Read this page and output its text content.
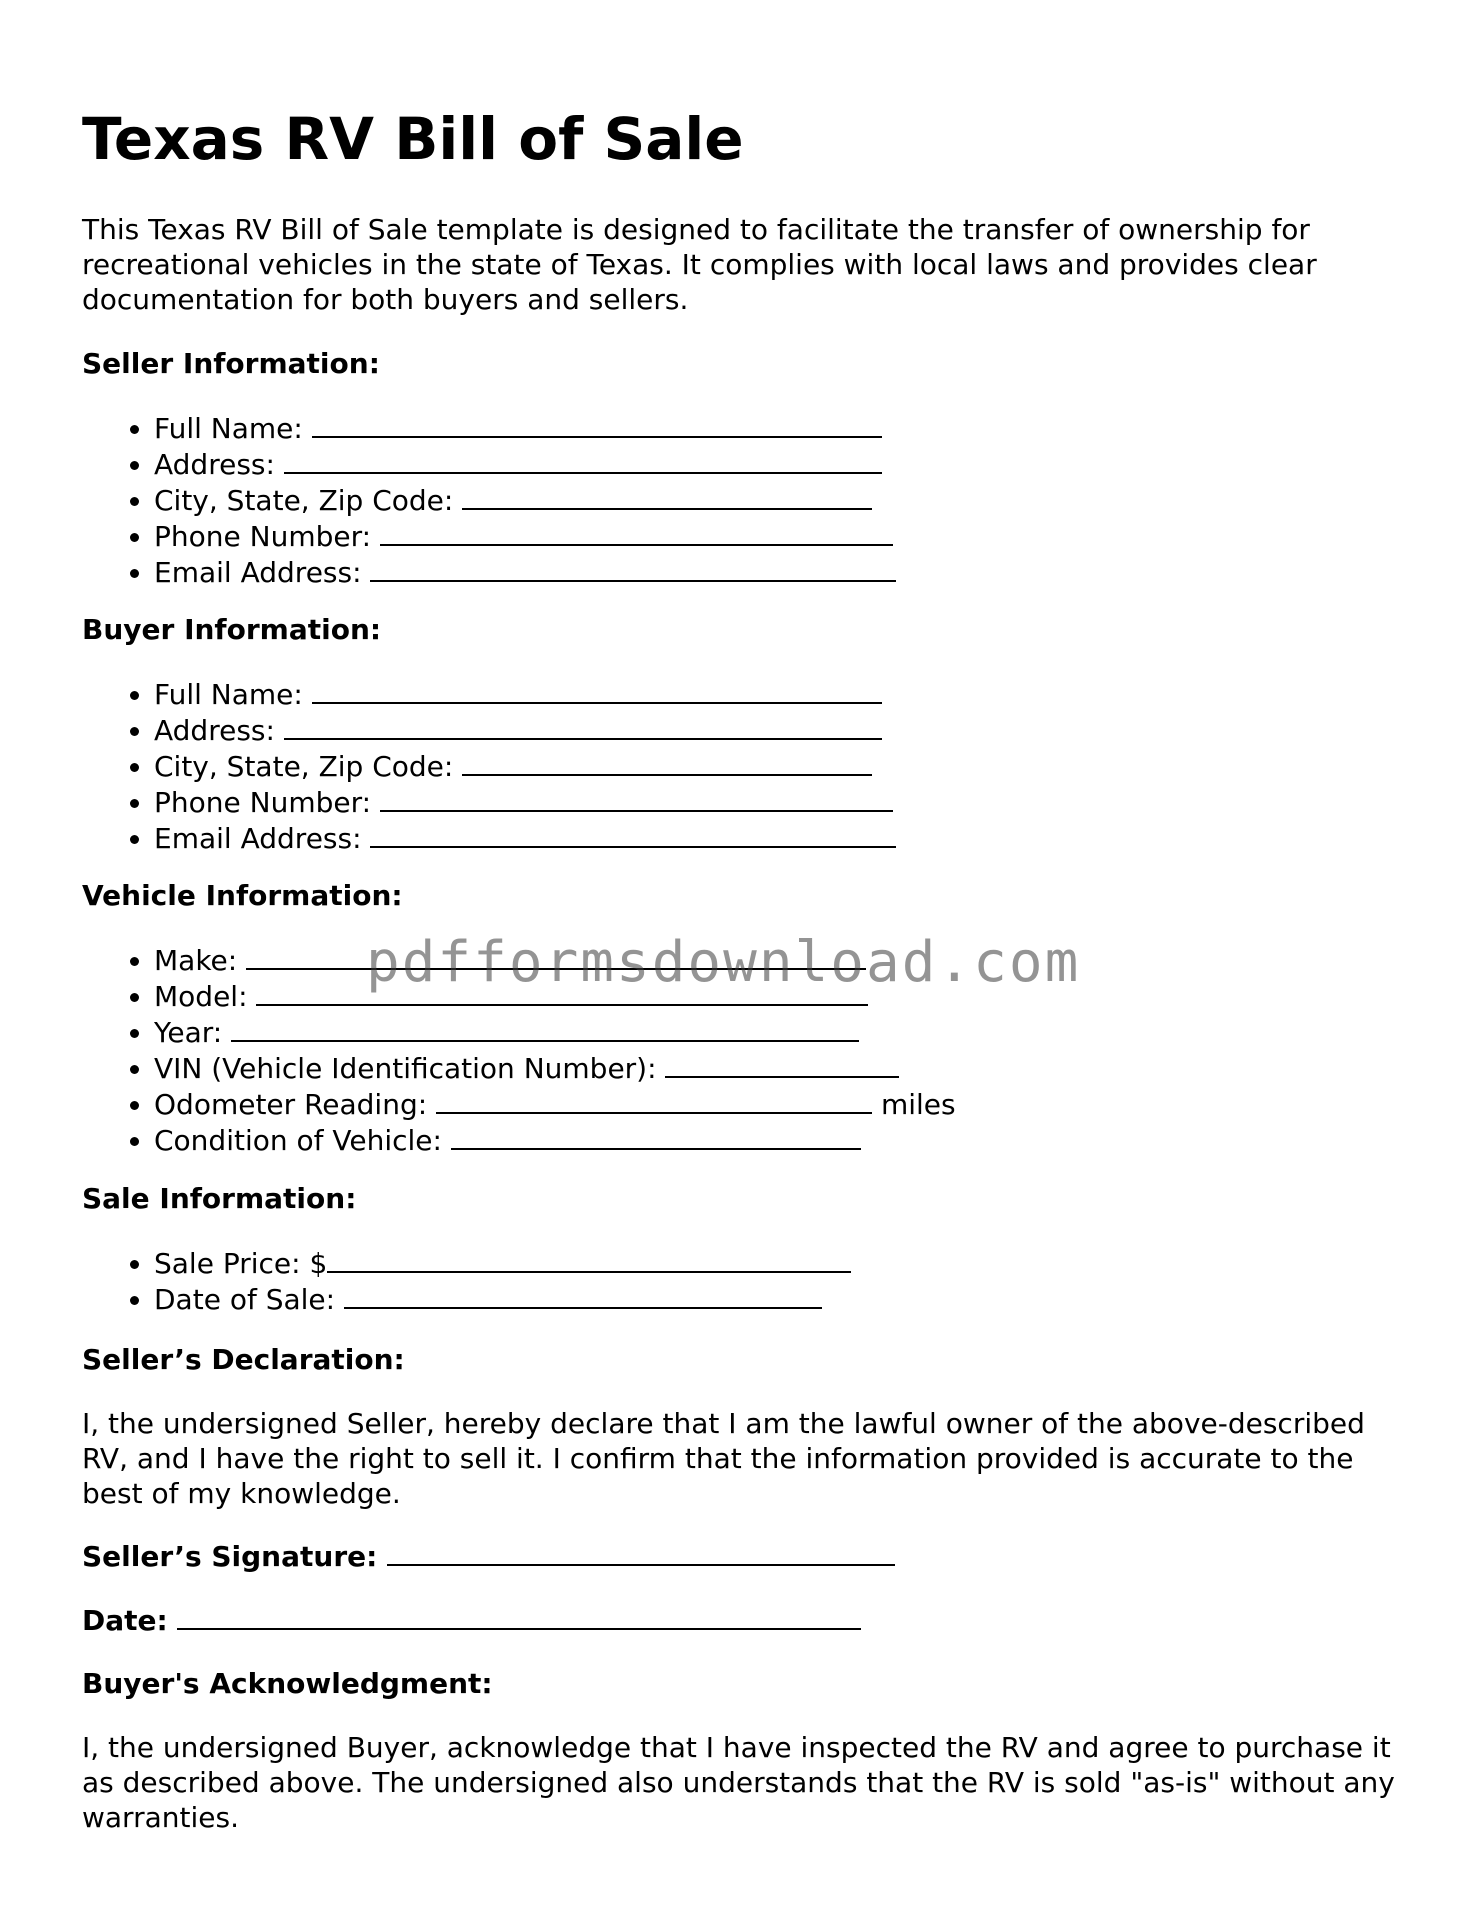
Texas RV Bill of Sale

This Texas RV Bill of Sale template is designed to facilitate the transfer of ownership for recreational vehicles in the state of Texas. It complies with local laws and provides clear documentation for both buyers and sellers.

Seller Information:

• Full Name:
• Address:
• City, State, Zip Code:
• Phone Number:
• Email Address:

Buyer Information:

• Full Name:
• Address:
• City, State, Zip Code:
• Phone Number:
• Email Address:

Vehicle Information:

• Make:
• Model:
• Year:
• VIN (Vehicle Identification Number):
• Odometer Reading:	miles
• Condition of Vehicle:

Sale Information:

• Sale Price: $
• Date of Sale:

Seller’s Declaration:

I, the undersigned Seller, hereby declare that I am the lawful owner of the above-described RV, and I have the right to sell it. I confirm that the information provided is accurate to the best of my knowledge.

Seller’s Signature:

Date:

Buyer's Acknowledgment:

I, the undersigned Buyer, acknowledge that I have inspected the RV and agree to purchase it as described above. The undersigned also understands that the RV is sold "as-is" without any warranties.

pdfformsdownload.com
